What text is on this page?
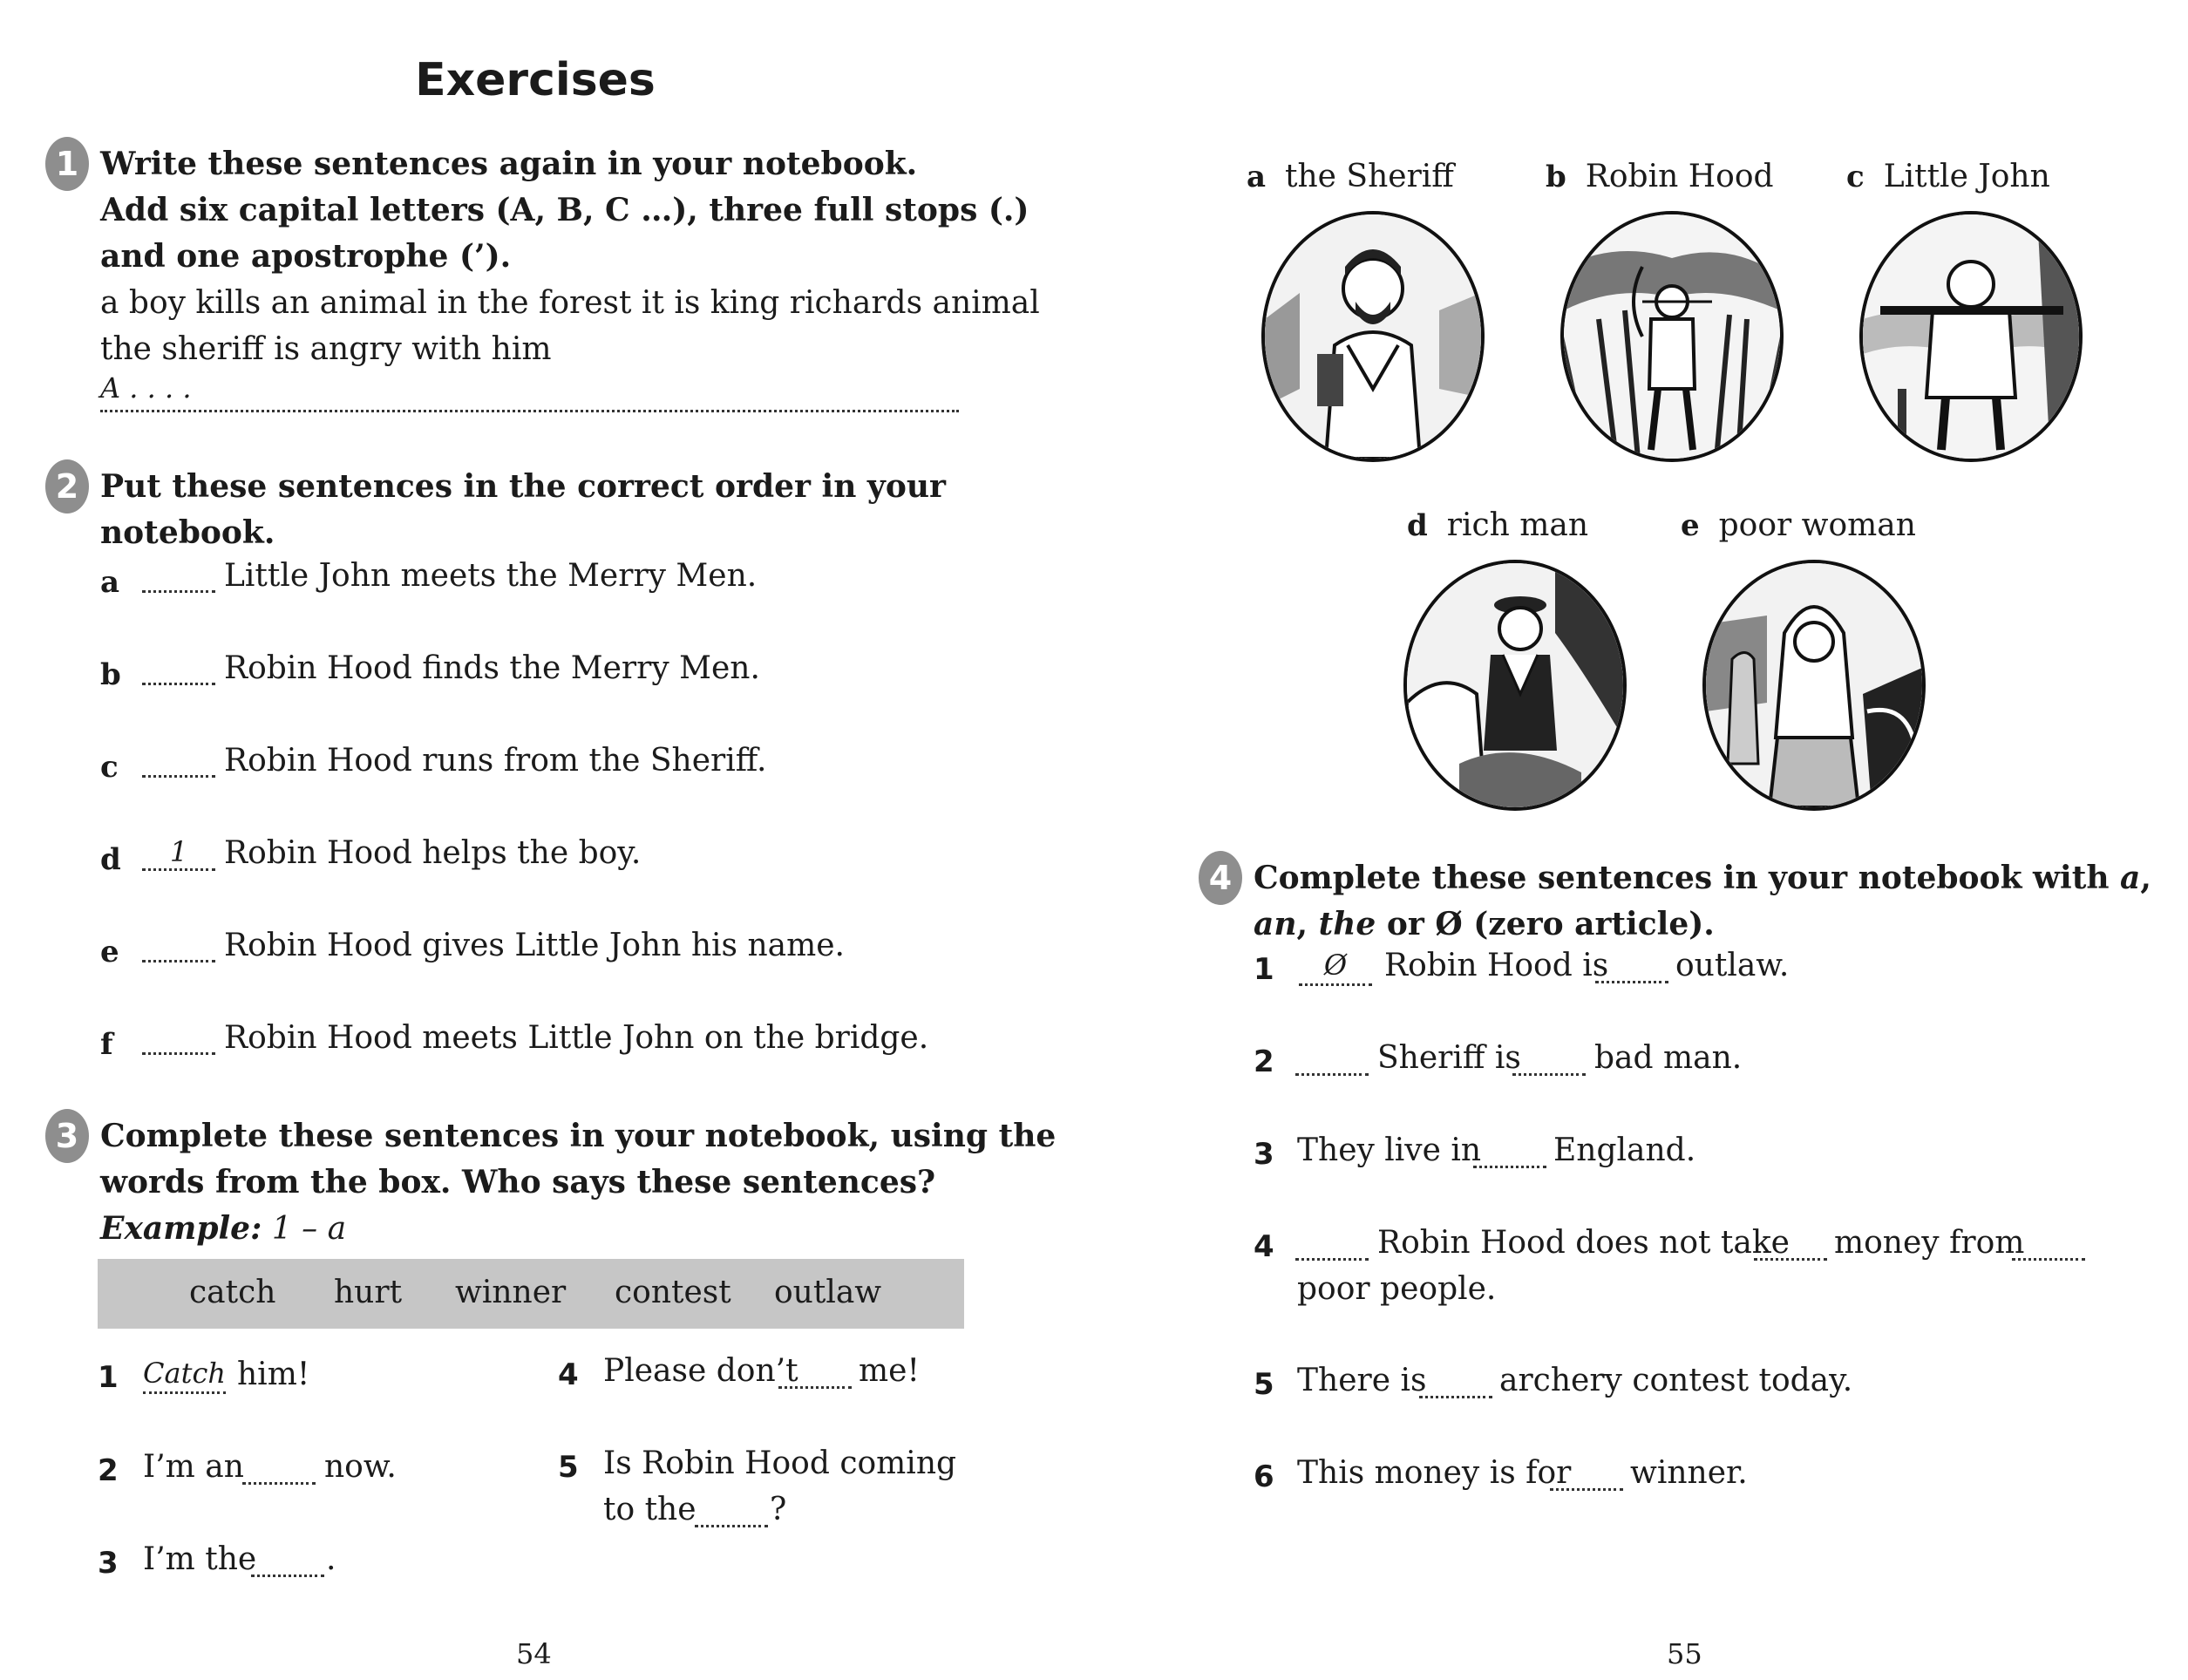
Exercises
1 Write these sentences again in your notebook.
Add six capital letters (A, B, C …), three full stops (.)
and one apostrophe (’).
a boy kills an animal in the forest it is king richards animal
the sheriff is angry with him
A . . . .
2 Put these sentences in the correct order in your
notebook.
a	Little John meets the Merry Men.
b	Robin Hood finds the Merry Men.
c	Robin Hood runs from the Sheriff.
d	1	Robin Hood helps the boy.
e	Robin Hood gives Little John his name.
f	Robin Hood meets Little John on the bridge.
3 Complete these sentences in your notebook, using the
words from the box. Who says these sentences?
Example: 1 – a
catch hurt winner contest outlaw
1 Catch him!
2 I’m an	now.
3 I’m the .
4 Please don’t me!
5 Is Robin Hood coming
to the ?
54
a the Sheriff	b Robin Hood c Little John
d rich man	e poor woman
4 Complete these sentences in your notebook with a,
an, the or Ø (zero article).
1	Ø	Robin Hood is outlaw.
2	Sheriff is bad man.
3 They live in England.
4	Robin Hood does not take money from
poor people.
5 There is archery contest today.
6 This money is for winner.
55
